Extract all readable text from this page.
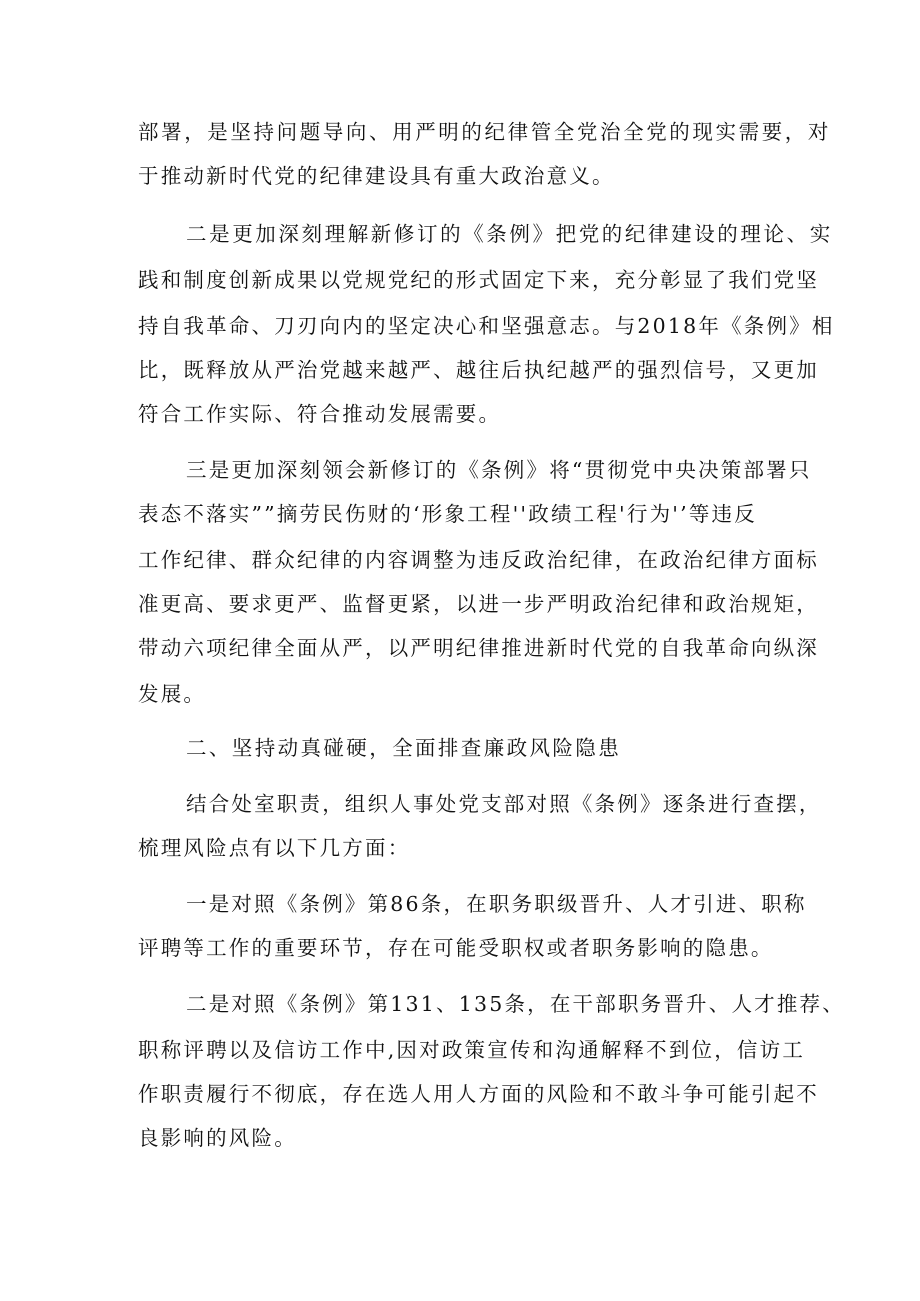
部署，是坚持问题导向、用严明的纪律管全党治全党的现实需要，对

于推动新时代党的纪律建设具有重大政治意义。

二是更加深刻理解新修订的《条例》把党的纪律建设的理论、实

践和制度创新成果以党规党纪的形式固定下来，充分彰显了我们党坚

持自我革命、刀刃向内的坚定决心和坚强意志。与2018年《条例》相

比，既释放从严治党越来越严、越往后执纪越严的强烈信号，又更加

符合工作实际、符合推动发展需要。

三是更加深刻领会新修订的《条例》将“贯彻党中央决策部署只

表态不落实””摘劳民伤财的‘形象工程''政绩工程'行为'’等违反

工作纪律、群众纪律的内容调整为违反政治纪律，在政治纪律方面标

准更高、要求更严、监督更紧，以进一步严明政治纪律和政治规矩，

带动六项纪律全面从严，以严明纪律推进新时代党的自我革命向纵深

发展。

二、坚持动真碰硬，全面排查廉政风险隐患

结合处室职责，组织人事处党支部对照《条例》逐条进行查摆，

梳理风险点有以下几方面：

一是对照《条例》第86条，在职务职级晋升、人才引进、职称

评聘等工作的重要环节，存在可能受职权或者职务影响的隐患。

二是对照《条例》第131、135条，在干部职务晋升、人才推荐、

职称评聘以及信访工作中,因对政策宣传和沟通解释不到位，信访工

作职责履行不彻底，存在选人用人方面的风险和不敢斗争可能引起不

良影响的风险。
